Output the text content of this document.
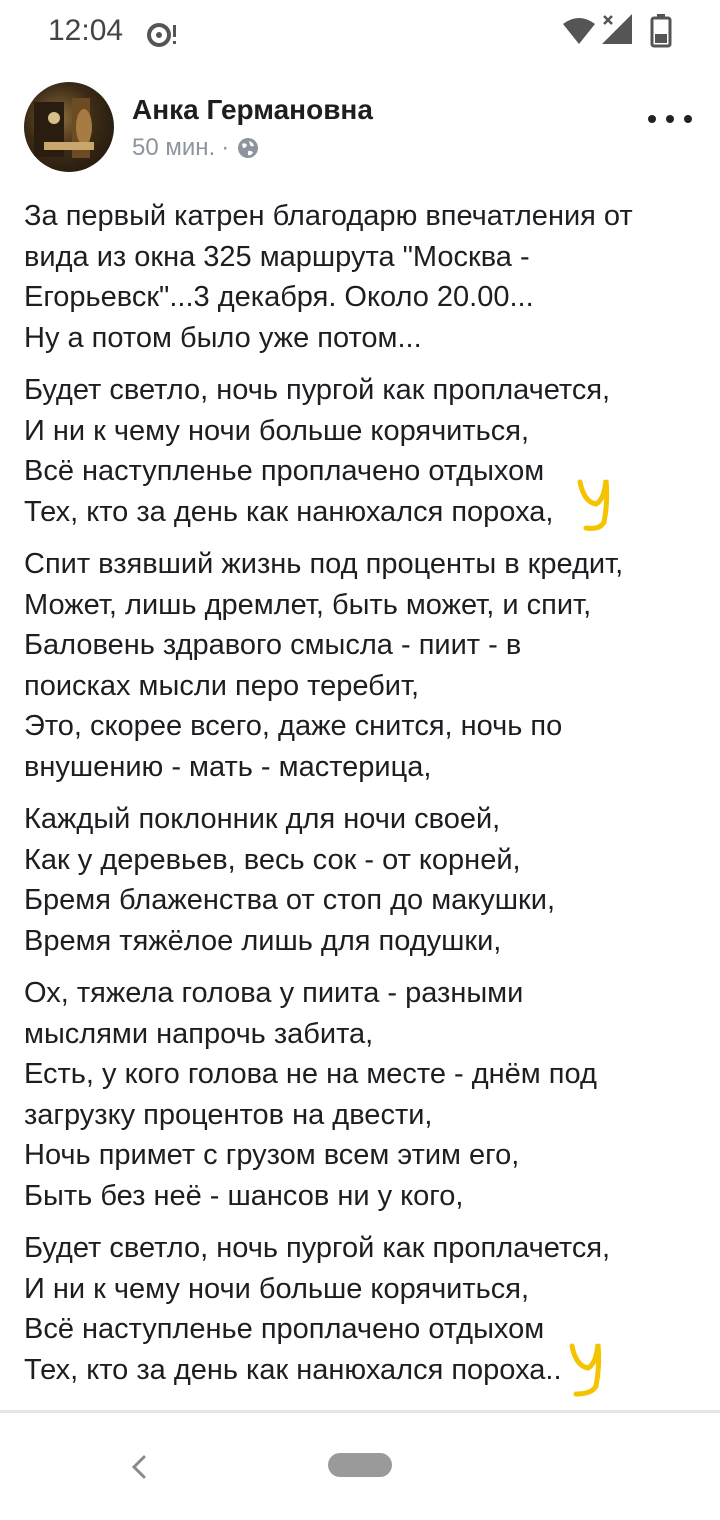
12:04
Анка Германовна
50 мин. ·

За первый катрен благодарю впечатления от
вида из окна 325 маршрута "Москва -
Егорьевск"...3 декабря. Около 20.00...
Ну а потом было уже потом...

Будет светло, ночь пургой как проплачется,
И ни к чему ночи больше корячиться,
Всё наступленье проплачено отдыхом
Тех, кто за день как нанюхался пороха,

Спит взявший жизнь под проценты в кредит,
Может, лишь дремлет, быть может, и спит,
Баловень здравого смысла - пиит - в
поисках мысли перо теребит,
Это, скорее всего, даже снится, ночь по
внушению - мать - мастерица,

Каждый поклонник для ночи своей,
Как у деревьев, весь сок - от корней,
Бремя блаженства от стоп до макушки,
Время тяжёлое лишь для подушки,

Ох, тяжела голова у пиита - разными
мыслями напрочь забита,
Есть, у кого голова не на месте - днём под
загрузку процентов на двести,
Ночь примет с грузом всем этим его,
Быть без неё - шансов ни у кого,

Будет светло, ночь пургой как проплачется,
И ни к чему ночи больше корячиться,
Всё наступленье проплачено отдыхом
Тех, кто за день как нанюхался пороха..
